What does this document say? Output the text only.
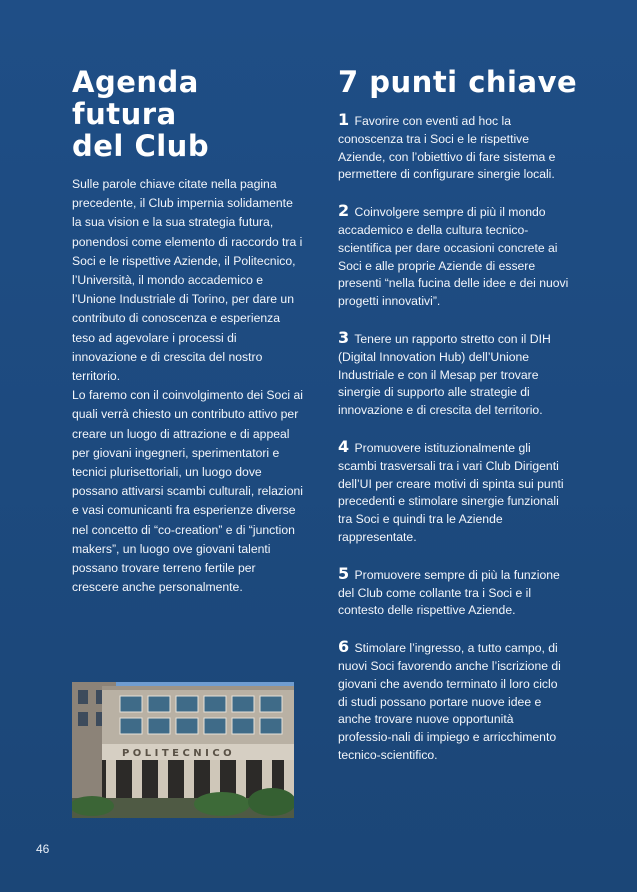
Agenda
futura
del Club

Sulle parole chiave citate nella pagina precedente, il Club impernia solidamente la sua vision e la sua strategia futura, ponendosi come elemento di raccordo tra i Soci e le rispettive Aziende, il Politecnico, l’Università, il mondo accademico e l’Unione Industriale di Torino, per dare un contributo di conoscenza e esperienza teso ad agevolare i processi di innovazione e di crescita del nostro territorio.

Lo faremo con il coinvolgimento dei Soci ai quali verrà chiesto un contributo attivo per creare un luogo di attrazione e di appeal per giovani ingegneri, sperimentatori e tecnici plurisettoriali, un luogo dove possano attivarsi scambi culturali, relazioni e vasi comunicanti fra esperienze diverse nel concetto di “co-creation” e di “junction makers”, un luogo ove giovani talenti possano trovare terreno fertile per crescere anche personalmente.

P O L I T E C N I C O
7 punti chiave

1 Favorire con eventi ad hoc la conoscenza tra i Soci e le rispettive Aziende, con l’obiettivo di fare sistema e permettere di configurare sinergie locali.

2 Coinvolgere sempre di più il mondo accademico e della cultura tecnico-scientifica per dare occasioni concrete ai Soci e alle proprie Aziende di essere presenti “nella fucina delle idee e dei nuovi progetti innovativi”.

3 Tenere un rapporto stretto con il DIH (Digital Innovation Hub) dell’Unione Industriale e con il Mesap per trovare sinergie di supporto alle strategie di innovazione e di crescita del territorio.

4 Promuovere istituzionalmente gli scambi trasversali tra i vari Club Dirigenti dell’UI per creare motivi di spinta sui punti precedenti e stimolare sinergie funzionali tra Soci e quindi tra le Aziende rappresentate.

5 Promuovere sempre di più la funzione del Club come collante tra i Soci e il contesto delle rispettive Aziende.

6 Stimolare l’ingresso, a tutto campo, di nuovi Soci favorendo anche l’iscrizione di giovani che avendo terminato il loro ciclo di studi possano portare nuove idee e anche trovare nuove opportunità professio-nali di impiego e arricchimento tecnico-scientifico.

46
